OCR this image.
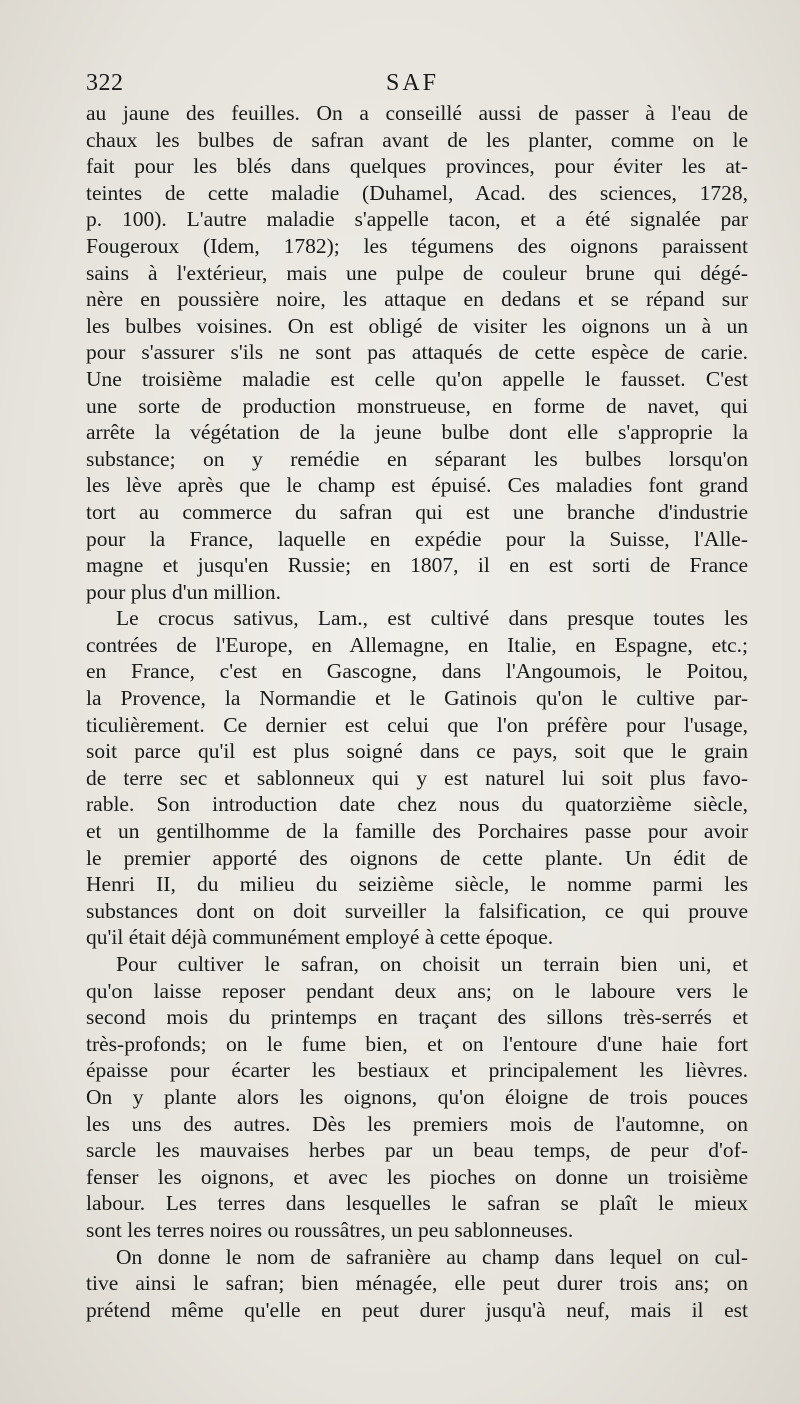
322	SAF
au jaune des feuilles. On a conseillé aussi de passer à l'eau de
chaux les bulbes de safran avant de les planter, comme on le
fait pour les blés dans quelques provinces, pour éviter les at-
teintes de cette maladie (Duhamel, Acad. des sciences, 1728,
p. 100). L'autre maladie s'appelle tacon, et a été signalée par
Fougeroux (Idem, 1782); les tégumens des oignons paraissent
sains à l'extérieur, mais une pulpe de couleur brune qui dégé-
nère en poussière noire, les attaque en dedans et se répand sur
les bulbes voisines. On est obligé de visiter les oignons un à un
pour s'assurer s'ils ne sont pas attaqués de cette espèce de carie.
Une troisième maladie est celle qu'on appelle le fausset. C'est
une sorte de production monstrueuse, en forme de navet, qui
arrête la végétation de la jeune bulbe dont elle s'approprie la
substance; on y remédie en séparant les bulbes lorsqu'on
les lève après que le champ est épuisé. Ces maladies font grand
tort au commerce du safran qui est une branche d'industrie
pour la France, laquelle en expédie pour la Suisse, l'Alle-
magne et jusqu'en Russie; en 1807, il en est sorti de France
pour plus d'un million.
Le crocus sativus, Lam., est cultivé dans presque toutes les
contrées de l'Europe, en Allemagne, en Italie, en Espagne, etc.;
en France, c'est en Gascogne, dans l'Angoumois, le Poitou,
la Provence, la Normandie et le Gatinois qu'on le cultive par-
ticulièrement. Ce dernier est celui que l'on préfère pour l'usage,
soit parce qu'il est plus soigné dans ce pays, soit que le grain
de terre sec et sablonneux qui y est naturel lui soit plus favo-
rable. Son introduction date chez nous du quatorzième siècle,
et un gentilhomme de la famille des Porchaires passe pour avoir
le premier apporté des oignons de cette plante. Un édit de
Henri II, du milieu du seizième siècle, le nomme parmi les
substances dont on doit surveiller la falsification, ce qui prouve
qu'il était déjà communément employé à cette époque.
Pour cultiver le safran, on choisit un terrain bien uni, et
qu'on laisse reposer pendant deux ans; on le laboure vers le
second mois du printemps en traçant des sillons très-serrés et
très-profonds; on le fume bien, et on l'entoure d'une haie fort
épaisse pour écarter les bestiaux et principalement les lièvres.
On y plante alors les oignons, qu'on éloigne de trois pouces
les uns des autres. Dès les premiers mois de l'automne, on
sarcle les mauvaises herbes par un beau temps, de peur d'of-
fenser les oignons, et avec les pioches on donne un troisième
labour. Les terres dans lesquelles le safran se plaît le mieux
sont les terres noires ou roussâtres, un peu sablonneuses.
On donne le nom de safranière au champ dans lequel on cul-
tive ainsi le safran; bien ménagée, elle peut durer trois ans; on
prétend même qu'elle en peut durer jusqu'à neuf, mais il est
